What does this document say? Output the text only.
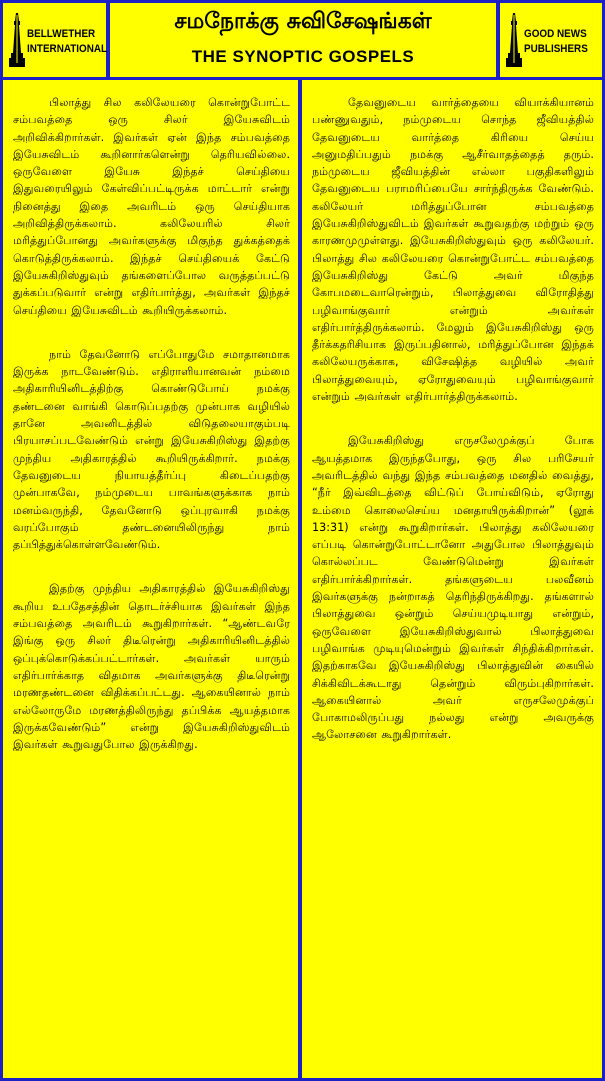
BELLWETHER
INTERNATIONAL
சமநோக்கு சுவிசேஷங்கள்
THE SYNOPTIC GOSPELS
GOOD NEWS
PUBLISHERS

பிலாத்து சில கலிலேயரை கொன்றுபோட்ட சம்பவத்தை ஒரு சிலர் இயேசுவிடம் அறிவிக்கிறார்கள். இவர்கள் ஏன் இந்த சம்பவத்தை இயேசுவிடம் கூறினார்களென்று தெரியவில்லை. ஒருவேளை இயேசு இந்தச் செய்தியை இதுவரையிலும் கேள்விப்பட்டிருக்க மாட்டார் என்று நினைத்து இதை அவரிடம் ஒரு செய்தியாக அறிவித்திருக்கலாம். கலிலேயரில் சிலர் மரித்துப்போனது அவர்களுக்கு மிகுந்த துக்கத்தைக் கொடுத்திருக்கலாம். இந்தச் செய்தியைக் கேட்டு இயேசுகிறிஸ்துவும் தங்களைப்போல வருத்தப்பட்டு துக்கப்படுவார் என்று எதிர்பார்த்து, அவர்கள் இந்தச் செய்தியை இயேசுவிடம் கூறியிருக்கலாம்.

நாம் தேவனோடு எப்போதுமே சமாதானமாக இருக்க நாடவேண்டும். எதிராளியானவன் நம்மை அதிகாரியினிடத்திற்கு கொண்டுபோய் நமக்கு தண்டனை வாங்கி கொடுப்பதற்கு முன்பாக வழியில் தானே அவனிடத்தில் விடுதலையாகும்படி பிரயாசப்படவேண்டும் என்று இயேசுகிறிஸ்து இதற்கு முந்திய அதிகாரத்தில் கூறியிருக்கிறார். நமக்கு தேவனுடைய நியாயத்தீர்ப்பு கிடைப்பதற்கு முன்பாகவே, நம்முடைய பாவங்களுக்காக நாம் மனம்வருந்தி, தேவனோடு ஒப்புரவாகி நமக்கு வரப்போகும் தண்டனையிலிருந்து நாம் தப்பித்துக்கொள்ளவேண்டும்.

இதற்கு முந்திய அதிகாரத்தில் இயேசுகிறிஸ்து கூறிய உபதேசத்தின் தொடர்ச்சியாக இவர்கள் இந்த சம்பவத்தை அவரிடம் கூறுகிறார்கள். “ஆண்டவரே இங்கு ஒரு சிலர் திடீரென்று அதிகாரியினிடத்தில் ஒப்புக்கொடுக்கப்பட்டார்கள். அவர்கள் யாரும் எதிர்பார்க்காத விதமாக அவர்களுக்கு திடீரென்று மரணதண்டனை விதிக்கப்பட்டது. ஆகையினால் நாம் எல்லோருமே மரணத்திலிருந்து தப்பிக்க ஆயத்தமாக இருக்கவேண்டும்” என்று இயேசுகிறிஸ்துவிடம் இவர்கள் கூறுவதுபோல இருக்கிறது.

தேவனுடைய வார்த்தையை வியாக்கியானம் பண்ணுவதும், நம்முடைய சொந்த ஜீவியத்தில் தேவனுடைய வார்த்தை கிரியை செய்ய அனுமதிப்பதும் நமக்கு ஆசீர்வாதத்தைத் தரும். நம்முடைய ஜீவியத்தின் எல்லா பகுதிகளிலும் தேவனுடைய பராமரிப்பையே சார்ந்திருக்க வேண்டும். கலிலேயர் மரித்துப்போன சம்பவத்தை இயேசுகிறிஸ்துவிடம் இவர்கள் கூறுவதற்கு மற்றும் ஒரு காரணமுமுள்ளது. இயேசுகிறிஸ்துவும் ஒரு கலிலேயர். பிலாத்து சில கலிலேயரை கொன்றுபோட்ட சம்பவத்தை இயேசுகிறிஸ்து கேட்டு அவர் மிகுந்த கோபமடைவாரென்றும், பிலாத்துவை விரோதித்து பழிவாங்குவார் என்றும் அவர்கள் எதிர்பார்த்திருக்கலாம். மேலும் இயேசுகிறிஸ்து ஒரு தீர்க்கதரிசியாக இருப்பதினால், மரித்துப்போன இந்தக் கலிலேயருக்காக, விசேஷித்த வழியில் அவர் பிலாத்துவையும், ஏரோதுவையும் பழிவாங்குவார் என்றும் அவர்கள் எதிர்பார்த்திருக்கலாம்.

இயேசுகிறிஸ்து எருசலேமுக்குப் போக ஆயத்தமாக இருந்தபோது, ஒரு சில பரிசேயர் அவரிடத்தில் வந்து இந்த சம்பவத்தை மனதில் வைத்து, “நீர் இவ்விடத்தை விட்டுப் போய்விடும், ஏரோது உம்மை கொலைசெய்ய மனதாயிருக்கிறான்” (லூக் 13:31) என்று கூறுகிறார்கள். பிலாத்து கலிலேயரை எப்படி கொன்றுபோட்டானோ அதுபோல பிலாத்துவும் கொல்லப்பட வேண்டுமென்று இவர்கள் எதிர்பார்க்கிறார்கள். தங்களுடைய பலவீனம் இவர்களுக்கு நன்றாகத் தெரிந்திருக்கிறது. தங்களால் பிலாத்துவை ஒன்றும் செய்யமுடியாது என்றும், ஒருவேளை இயேசுகிறிஸ்துவால் பிலாத்துவை பழிவாங்க முடியுமென்றும் இவர்கள் சிந்திக்கிறார்கள். இதற்காகவே இயேசுகிறிஸ்து பிலாத்துவின் கையில் சிக்கிவிடக்கூடாது தென்றும் விரும்புகிறார்கள். ஆகையினால் அவர் எருசலேமுக்குப் போகாமலிருப்பது நல்லது என்று அவருக்கு ஆலோசனை கூறுகிறார்கள்.
